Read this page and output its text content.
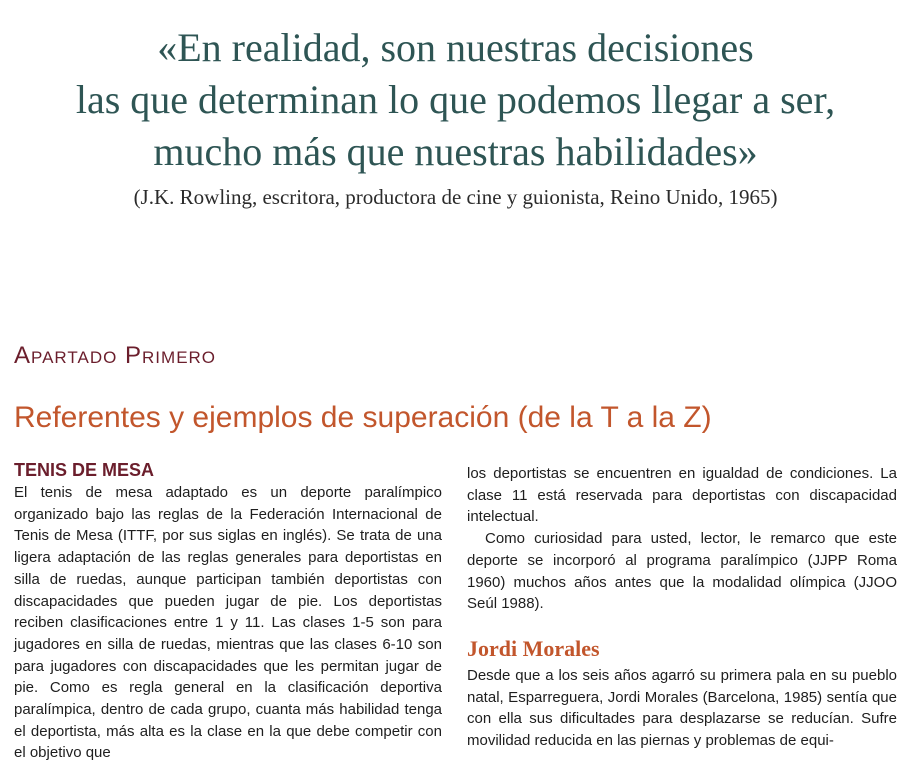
«En realidad, son nuestras decisiones
las que determinan lo que podemos llegar a ser,
mucho más que nuestras habilidades»
(J.K. Rowling, escritora, productora de cine y guionista, Reino Unido, 1965)
Apartado Primero
Referentes y ejemplos de superación (de la T a la Z)
TENIS DE MESA

El tenis de mesa adaptado es un deporte paralímpico organizado bajo las reglas de la Federación Internacional de Tenis de Mesa (ITTF, por sus siglas en inglés). Se trata de una ligera adaptación de las reglas generales para deportistas en silla de ruedas, aunque participan también deportistas con discapacidades que pueden jugar de pie. Los deportistas reciben clasificaciones entre 1 y 11. Las clases 1-5 son para jugadores en silla de ruedas, mientras que las clases 6-10 son para jugadores con discapacidades que les permitan jugar de pie. Como es regla general en la clasificación deportiva paralímpica, dentro de cada grupo, cuanta más habilidad tenga el deportista, más alta es la clase en la que debe competir con el objetivo que

los deportistas se encuentren en igualdad de condiciones. La clase 11 está reservada para deportistas con discapacidad intelectual.

Como curiosidad para usted, lector, le remarco que este deporte se incorporó al programa paralímpico (JJPP Roma 1960) muchos años antes que la modalidad olímpica (JJOO Seúl 1988).

Jordi Morales

Desde que a los seis años agarró su primera pala en su pueblo natal, Esparreguera, Jordi Morales (Barcelona, 1985) sentía que con ella sus dificultades para desplazarse se reducían. Sufre movilidad reducida en las piernas y problemas de equi-
